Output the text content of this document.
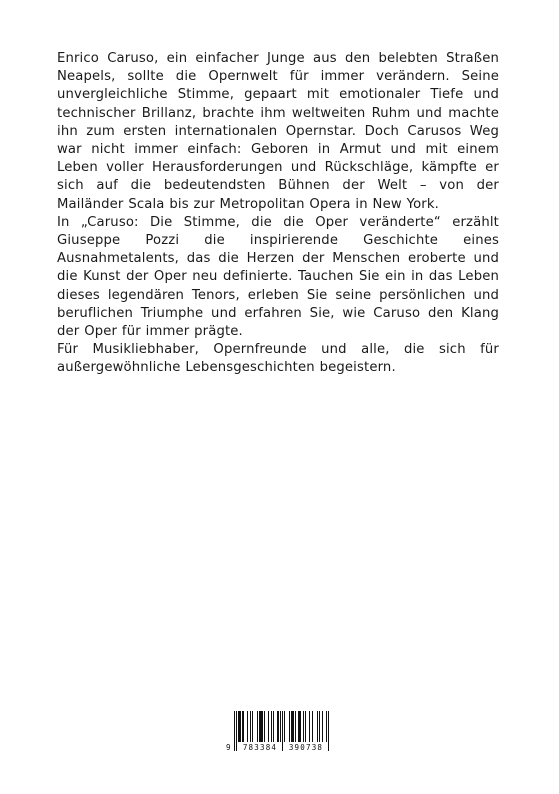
Enrico Caruso, ein einfacher Junge aus den belebten Straßen Neapels, sollte die Opernwelt für immer verändern. Seine unvergleichliche Stimme, gepaart mit emotionaler Tiefe und technischer Brillanz, brachte ihm weltweiten Ruhm und machte ihn zum ersten internationalen Opernstar. Doch Carusos Weg war nicht immer einfach: Geboren in Armut und mit einem Leben voller Herausforderungen und Rückschläge, kämpfte er sich auf die bedeutendsten Bühnen der Welt – von der Mailänder Scala bis zur Metropolitan Opera in New York.

In „Caruso: Die Stimme, die die Oper veränderte“ erzählt Giuseppe Pozzi die inspirierende Geschichte eines Ausnahmetalents, das die Herzen der Menschen eroberte und die Kunst der Oper neu definierte. Tauchen Sie ein in das Leben dieses legendären Tenors, erleben Sie seine persönlichen und beruflichen Triumphe und erfahren Sie, wie Caruso den Klang der Oper für immer prägte.

Für Musikliebhaber, Opernfreunde und alle, die sich für außergewöhnliche Lebensgeschichten begeistern.

9	783384	390738
